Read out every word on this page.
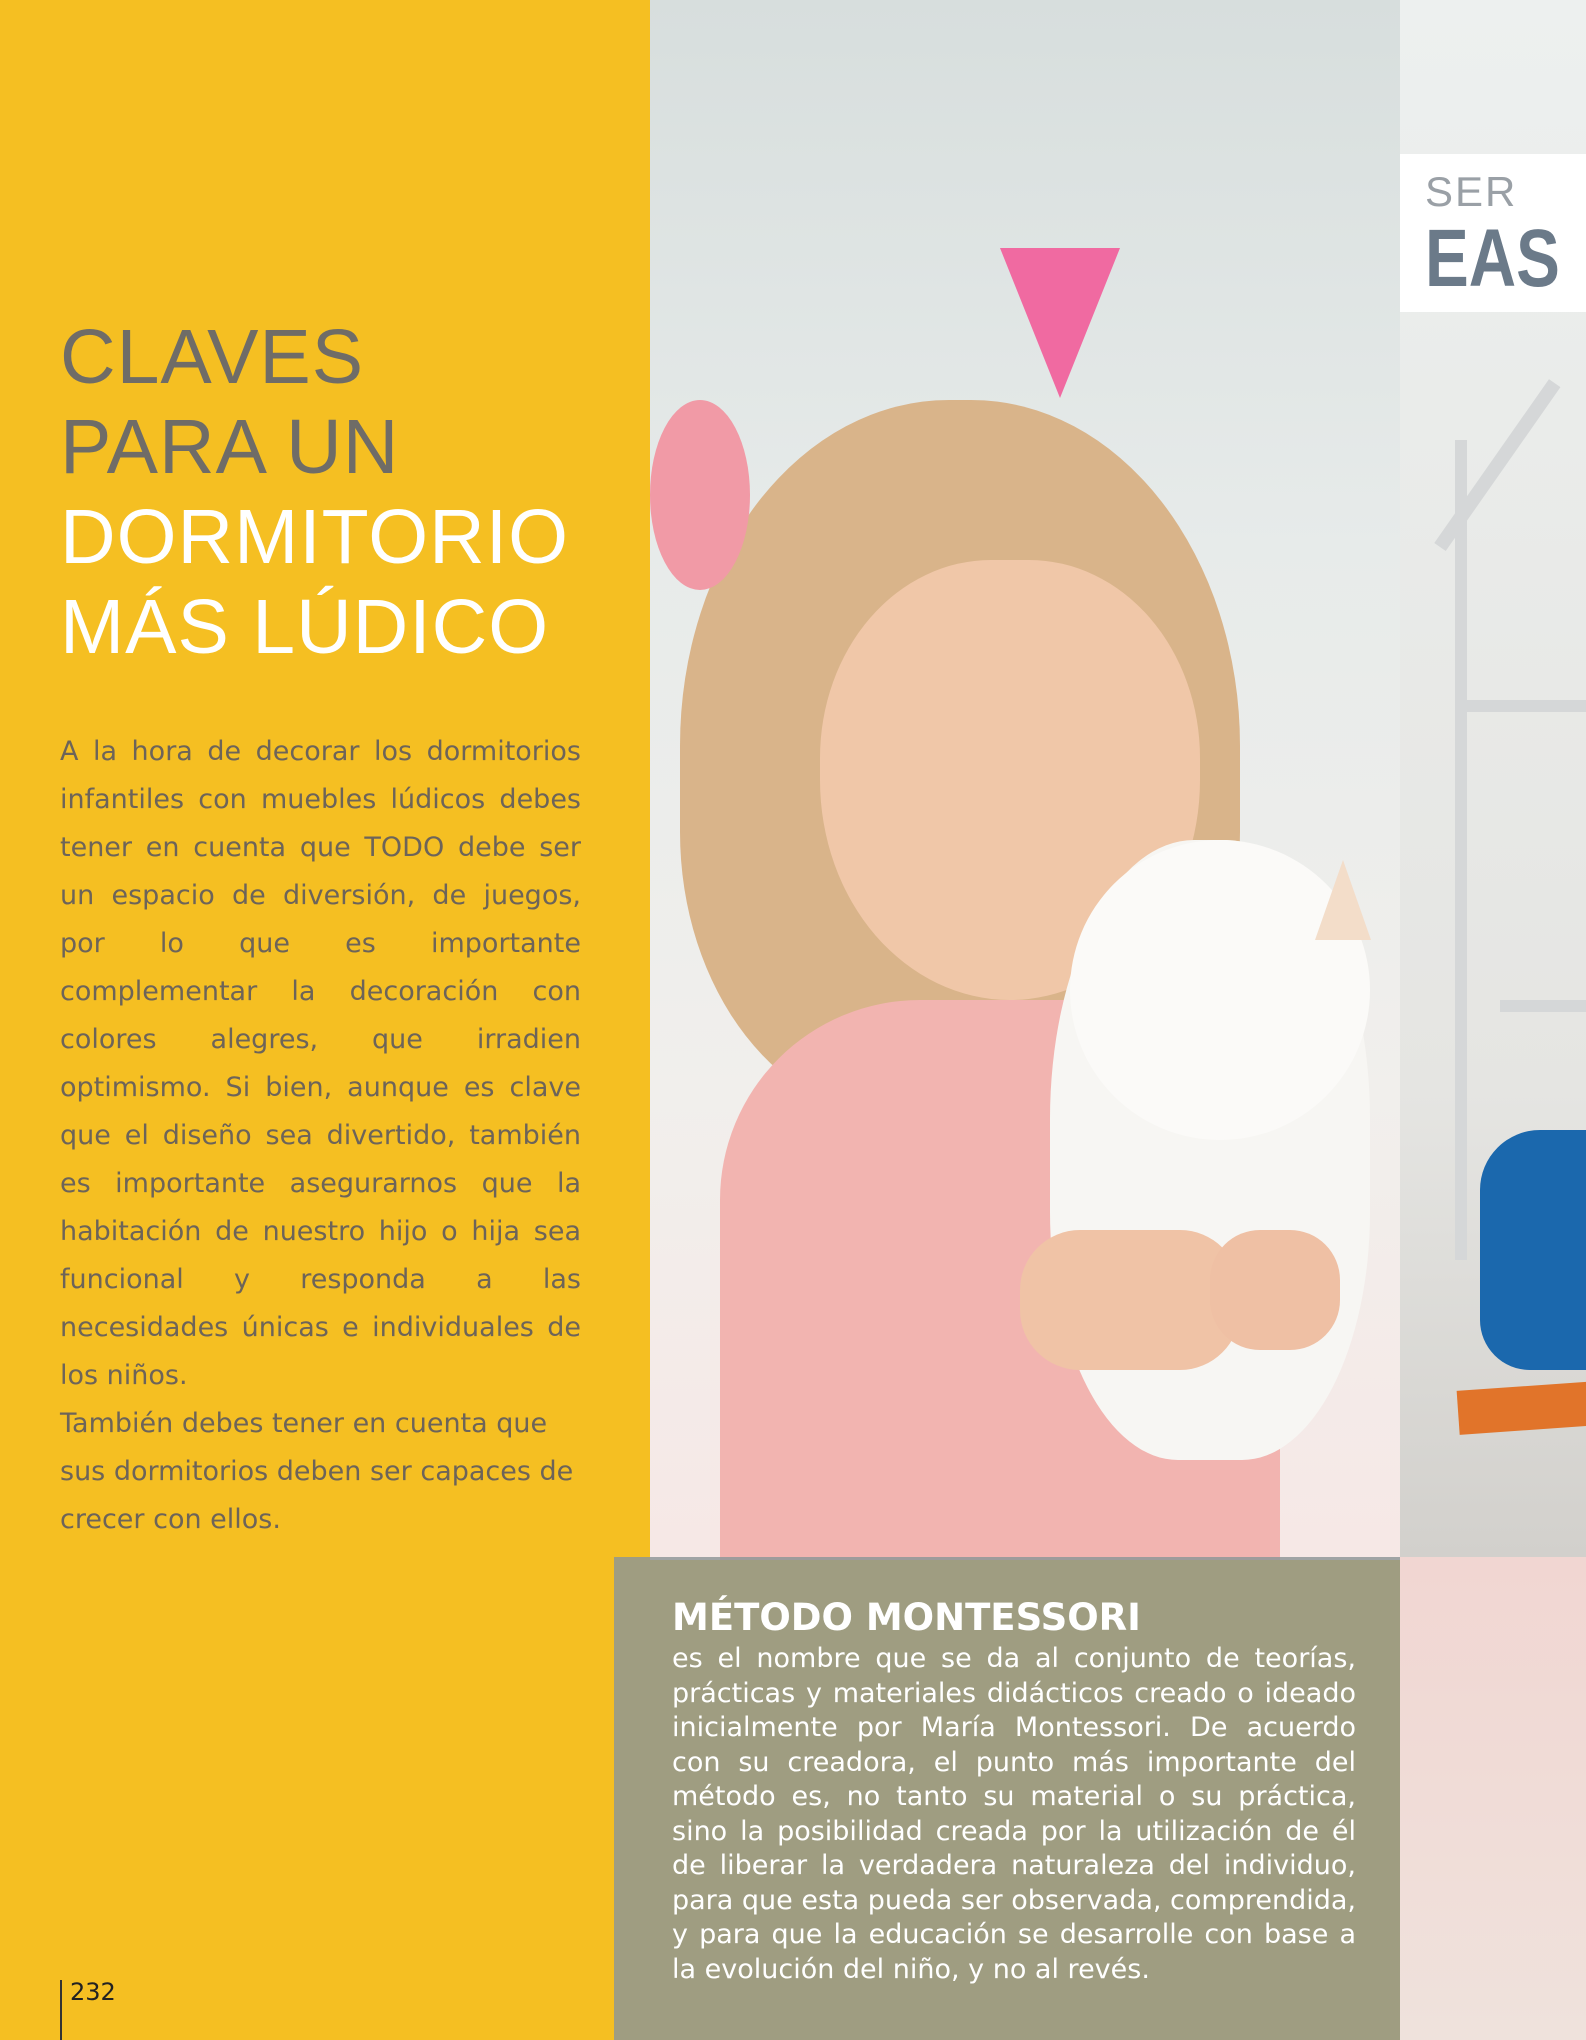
CLAVES
PARA UN
DORMITORIO
MÁS LÚDICO

A la hora de decorar los dormitorios infantiles con muebles lúdicos debes tener en cuenta que TODO debe ser un espacio de diversión, de juegos, por lo que es importante complementar la decoración con colores alegres, que irradien optimismo. Si bien, aunque es clave que el diseño sea divertido, también es importante asegurarnos que la habitación de nuestro hijo o hija sea funcional y responda a las necesidades únicas e individuales de los niños.

También debes tener en cuenta que sus dormitorios deben ser capaces de crecer con ellos.

SER
EAS
MÉTODO MONTESSORI

es el nombre que se da al conjunto de teorías, prácticas y materiales didácticos creado o ideado inicialmente por María Montessori. De acuerdo con su creadora, el punto más importante del método es, no tanto su material o su práctica, sino la posibilidad creada por la utilización de él de liberar la verdadera naturaleza del individuo, para que esta pueda ser observada, comprendida, y para que la educación se desarrolle con base a la evolución del niño, y no al revés.

232
